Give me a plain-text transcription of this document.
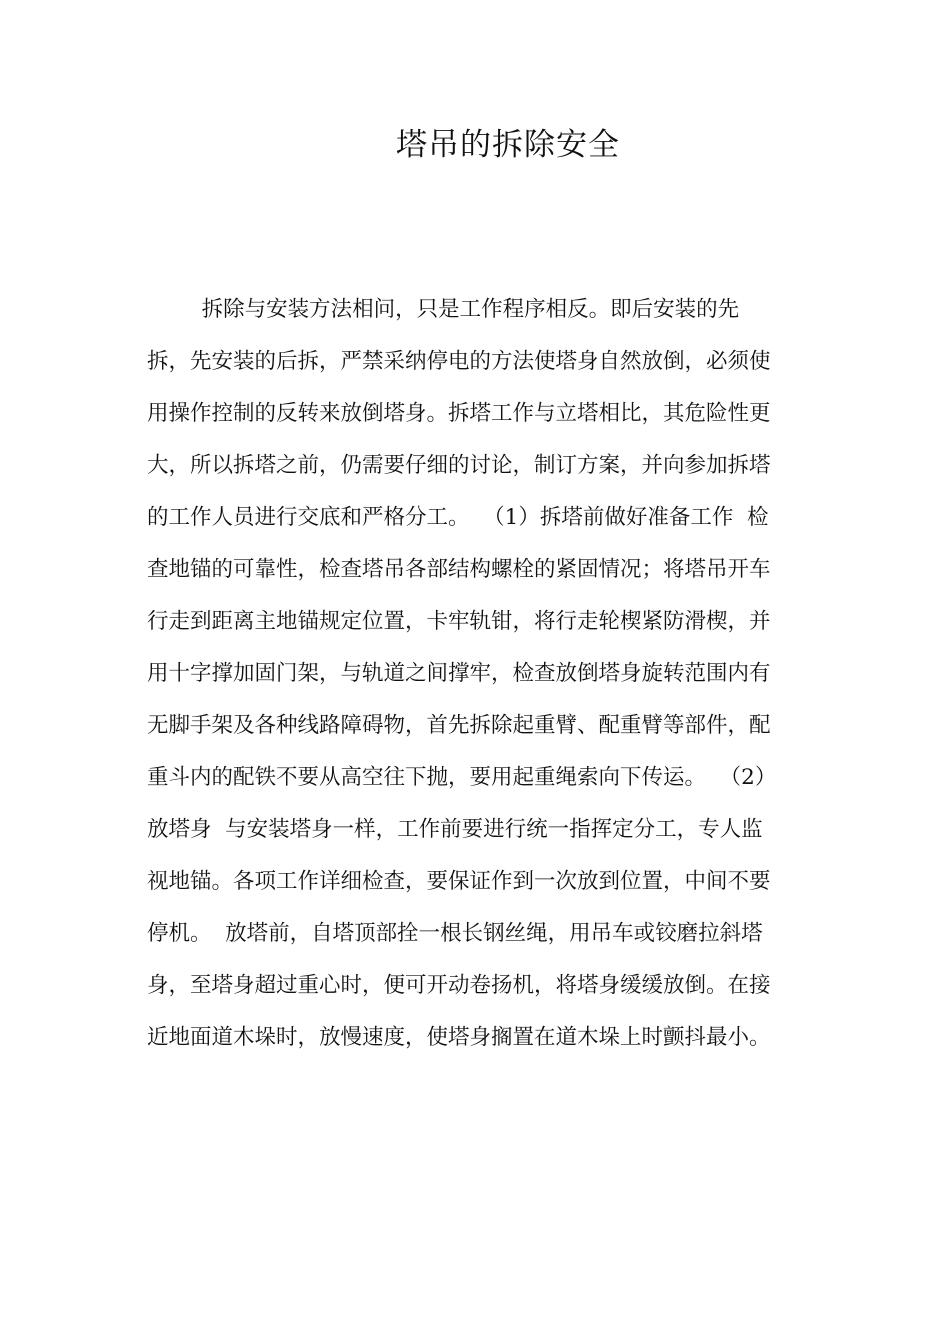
塔吊的拆除安全
拆除与安装方法相问，只是工作程序相反。即后安装的先
拆，先安装的后拆，严禁采纳停电的方法使塔身自然放倒，必须使
用操作控制的反转来放倒塔身。拆塔工作与立塔相比，其危险性更
大，所以拆塔之前，仍需要仔细的讨论，制订方案，并向参加拆塔
的工作人员进行交底和严格分工。  （1）拆塔前做好准备工作  检
查地锚的可靠性，检查塔吊各部结构螺栓的紧固情况；将塔吊开车
行走到距离主地锚规定位置，卡牢轨钳，将行走轮楔紧防滑楔，并
用十字撑加固门架，与轨道之间撑牢，检查放倒塔身旋转范围内有
无脚手架及各种线路障碍物，首先拆除起重臂、配重臂等部件，配
重斗内的配铁不要从高空往下抛，要用起重绳索向下传运。  （2）
放塔身  与安装塔身一样，工作前要进行统一指挥定分工，专人监
视地锚。各项工作详细检查，要保证作到一次放到位置，中间不要
停机。  放塔前，自塔顶部拴一根长钢丝绳，用吊车或铰磨拉斜塔
身，至塔身超过重心时，便可开动卷扬机，将塔身缓缓放倒。在接
近地面道木垛时，放慢速度，使塔身搁置在道木垛上时颤抖最小。
